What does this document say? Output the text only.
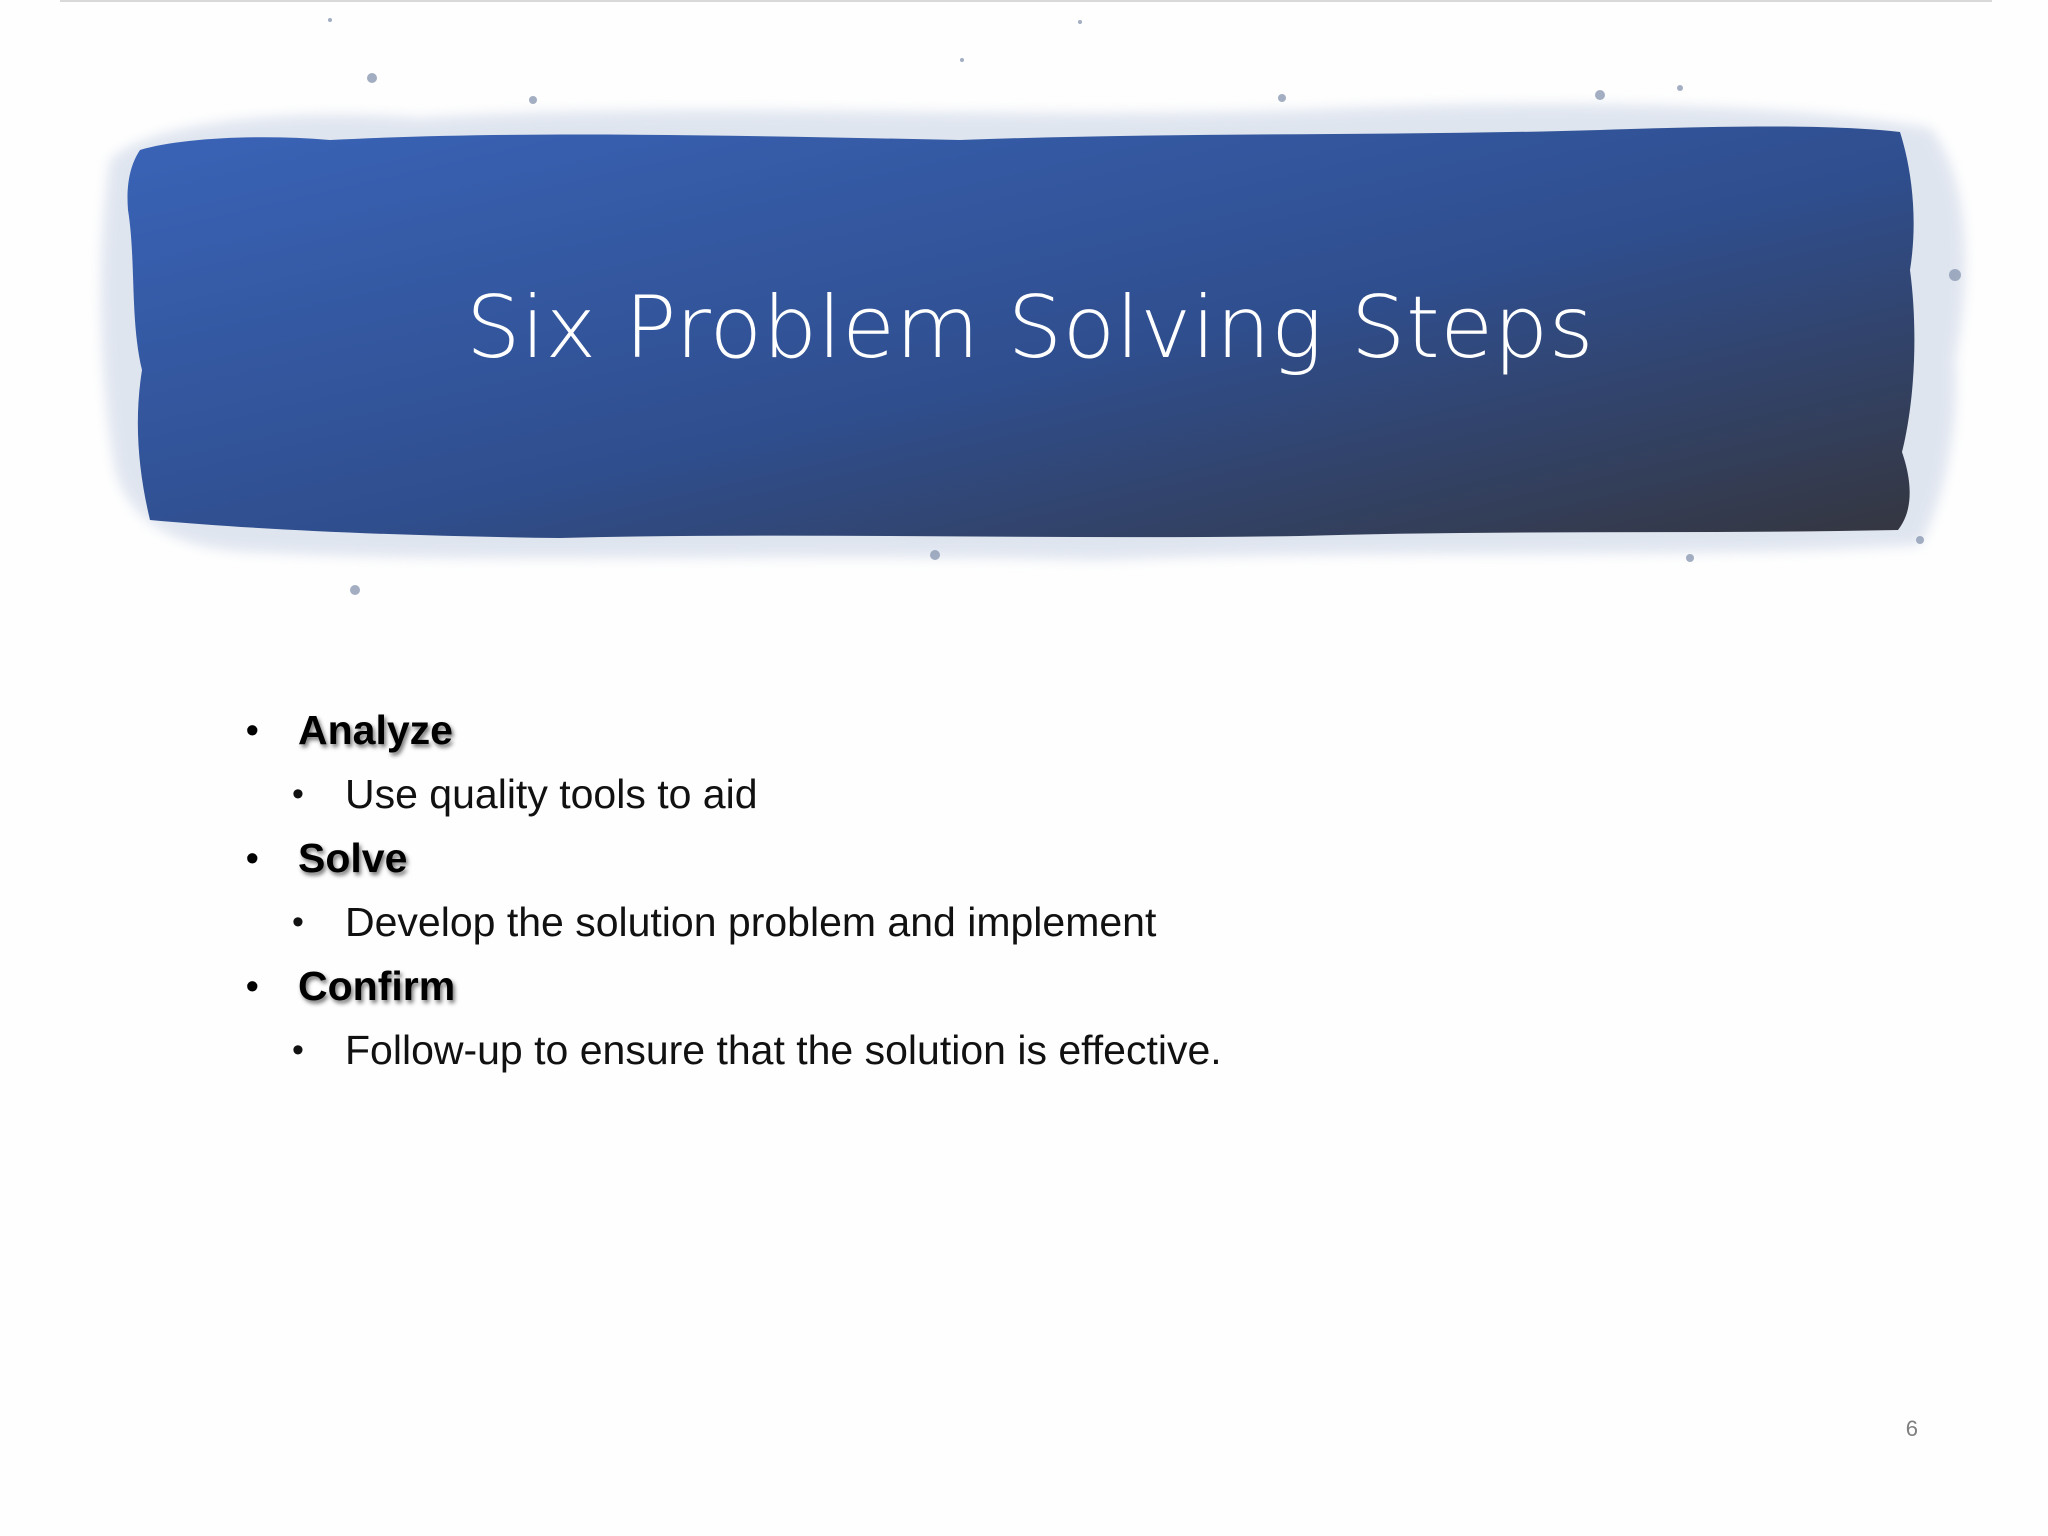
Six Problem Solving Steps
• Analyze
• Use quality tools to aid
• Solve
• Develop the solution problem and implement
• Confirm
• Follow-up to ensure that the solution is effective.
6
